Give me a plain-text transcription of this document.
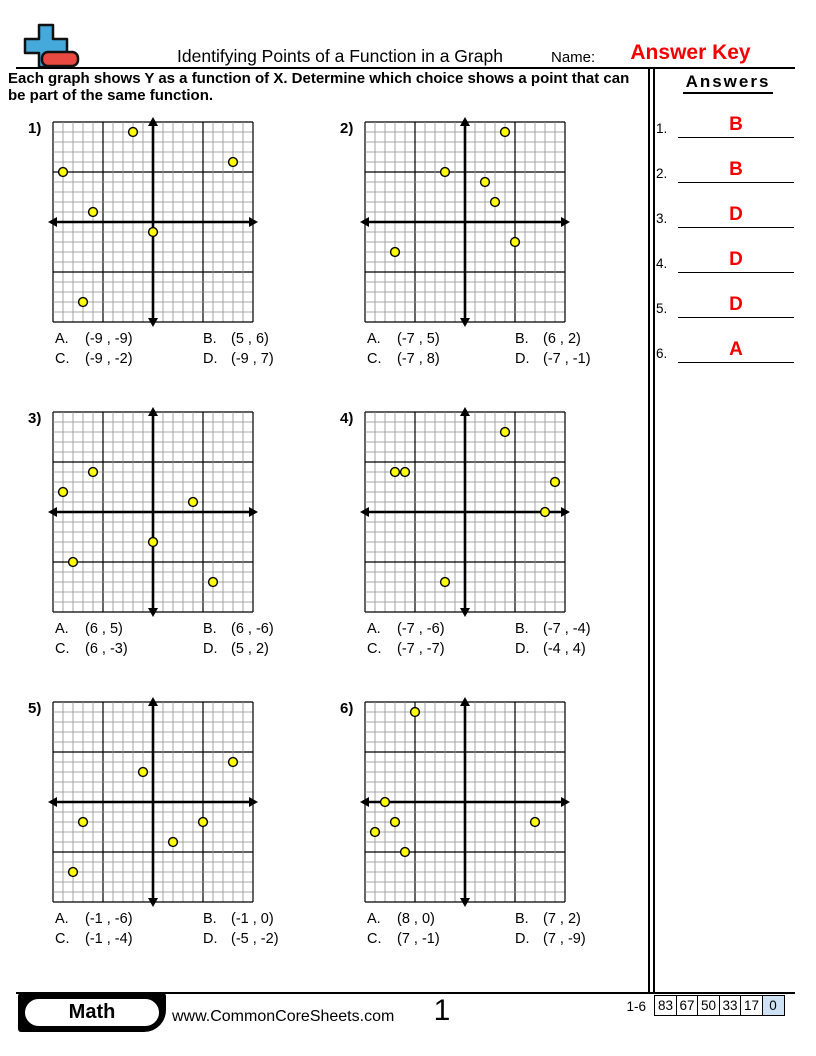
Identifying Points of a Function in a Graph	Name:	Answer Key
Each graph shows Y as a function of X. Determine which choice shows a point that can be part of the same function.
Answers
1.	B
2.	B
3.	D
4.	D
5.	D
6.	A
1)
A.	(-9 , -9)	B. (5 , 6)
C.	(-9 , -2)	D. (-9 , 7)
2)
A.	(-7 , 5)	B. (6 , 2)
C.	(-7 , 8)	D. (-7 , -1)
3)
A.	(6 , 5)	B. (6 , -6)
C.	(6 , -3)	D. (5 , 2)
4)
A.	(-7 , -6)	B. (-7 , -4)
C.	(-7 , -7)	D. (-4 , 4)
5)
A.	(-1 , -6)	B. (-1 , 0)
C.	(-1 , -4)	D. (-5 , -2)
6)
A.	(8 , 0)	B. (7 , 2)
C.	(7 , -1)	D. (7 , -9)
Math	www.CommonCoreSheets.com	1	1-6 83 67 50 33 17 0
